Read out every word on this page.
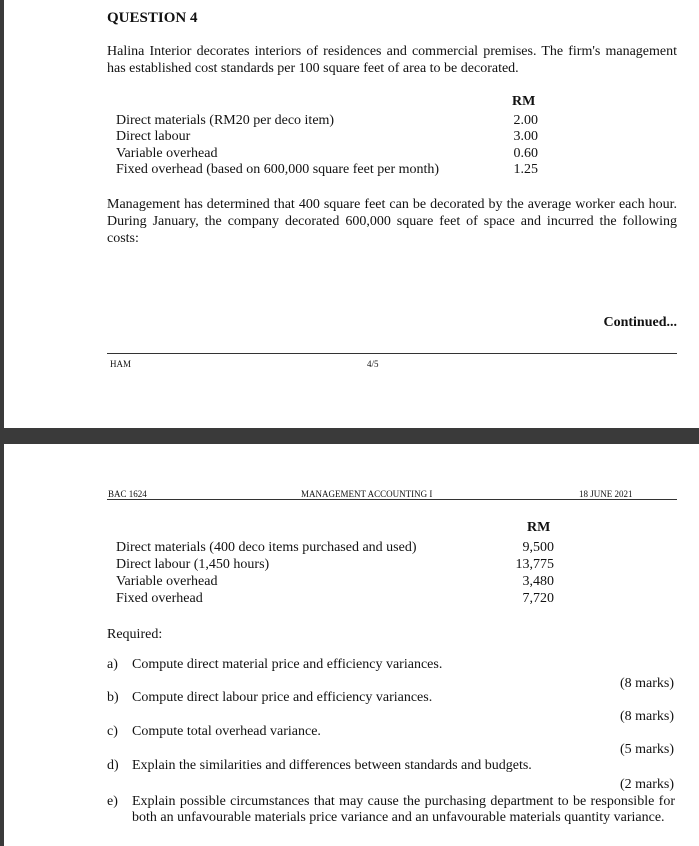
QUESTION 4
Halina Interior decorates interiors of residences and commercial premises. The firm's management has established cost standards per 100 square feet of area to be decorated.
RM
Direct materials (RM20 per deco item)	2.00
Direct labour	3.00
Variable overhead	0.60
Fixed overhead (based on 600,000 square feet per month)	1.25
Management has determined that 400 square feet can be decorated by the average worker each hour. During January, the company decorated 600,000 square feet of space and incurred the following costs:
Continued...
HAM	4/5
BAC 1624	MANAGEMENT ACCOUNTING I	18 JUNE 2021
RM
Direct materials (400 deco items purchased and used)	9,500
Direct labour (1,450 hours)	13,775
Variable overhead	3,480
Fixed overhead	7,720
Required:
a) Compute direct material price and efficiency variances.
(8 marks)
b) Compute direct labour price and efficiency variances.
(8 marks)
c) Compute total overhead variance.
(5 marks)
d) Explain the similarities and differences between standards and budgets.
(2 marks)
e) Explain possible circumstances that may cause the purchasing department to be responsible for both an unfavourable materials price variance and an unfavourable materials quantity variance.
